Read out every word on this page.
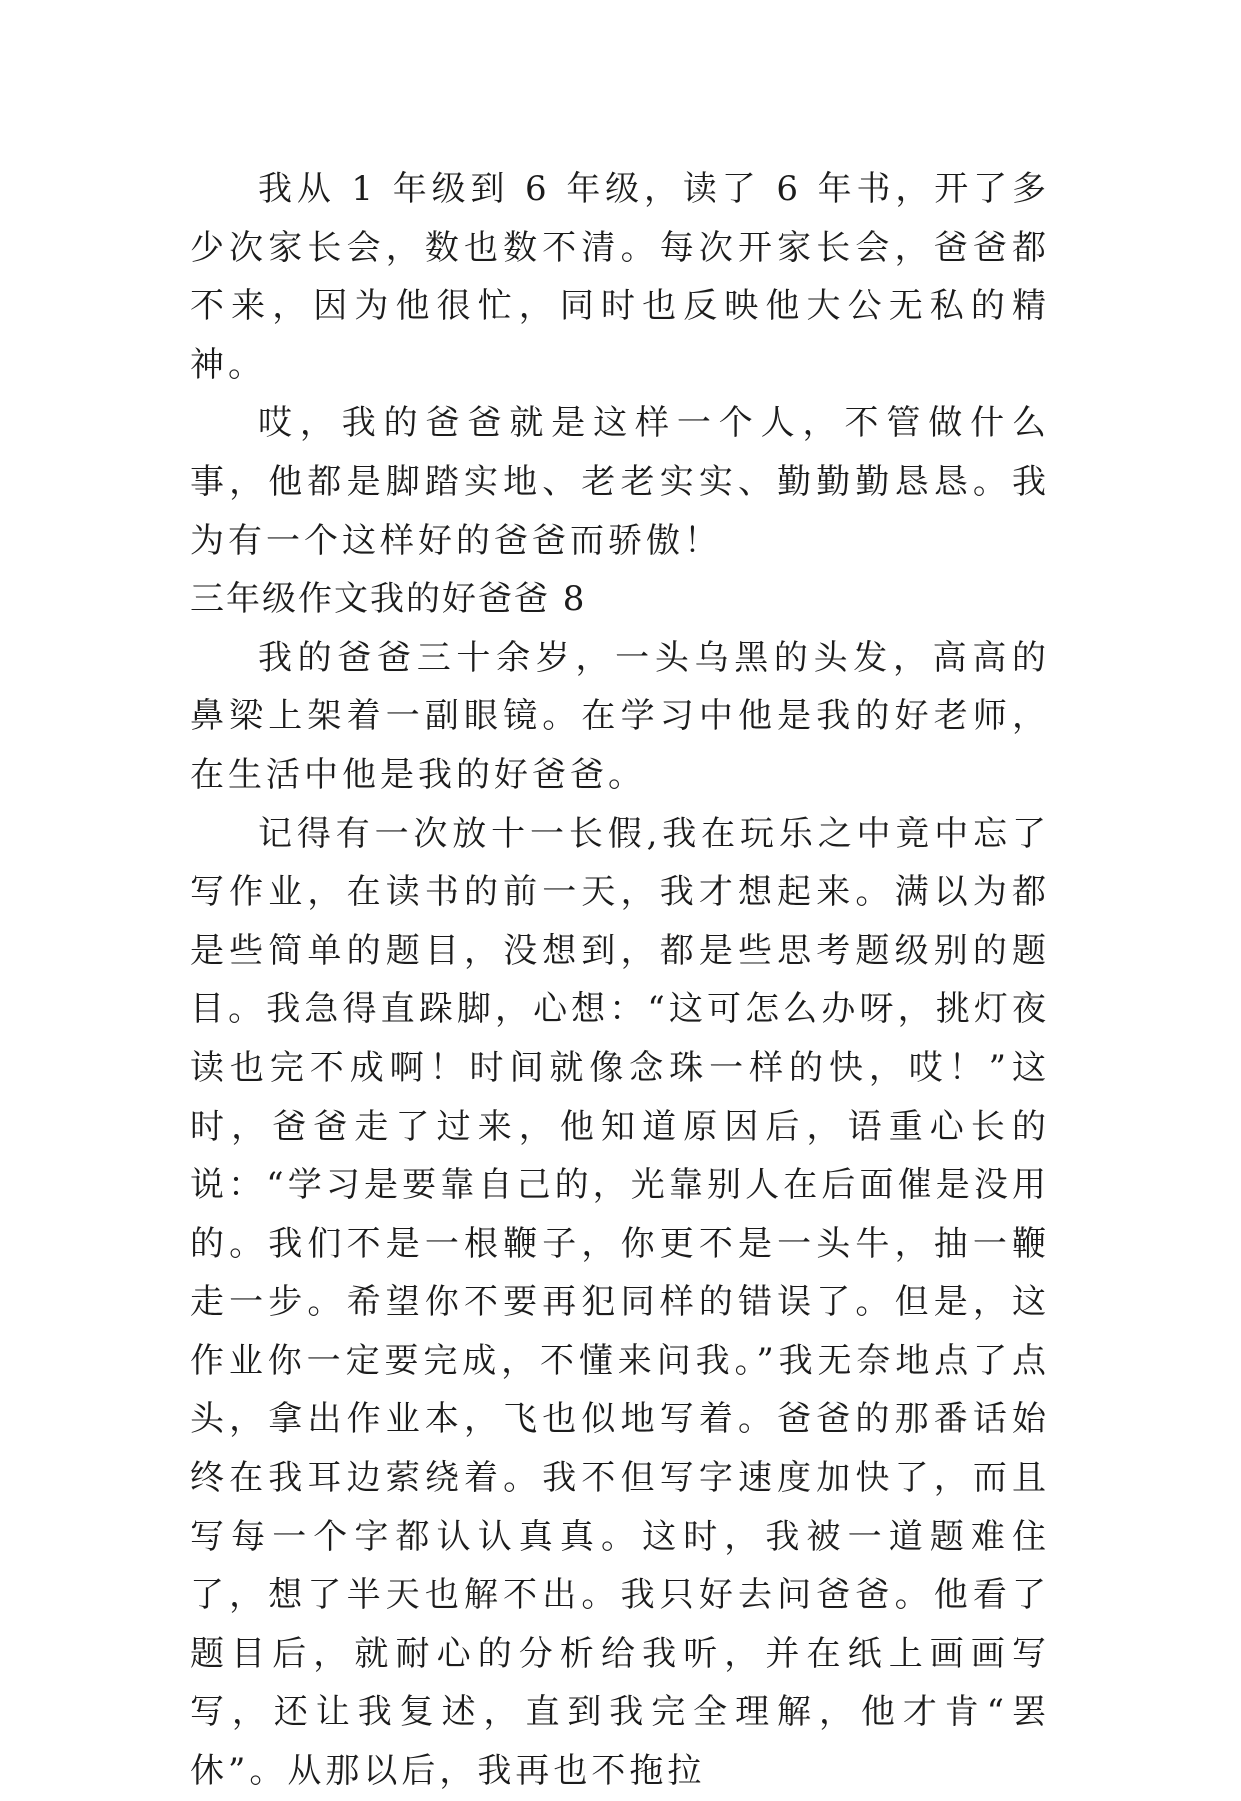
我从 1 年级到 6 年级，读了 6 年书，开了多少次家长会，数也数不清。每次开家长会，爸爸都不来，因为他很忙，同时也反映他大公无私的精神。

哎，我的爸爸就是这样一个人，不管做什么事，他都是脚踏实地、老老实实、勤勤勤恳恳。我为有一个这样好的爸爸而骄傲！

三年级作文我的好爸爸 8

我的爸爸三十余岁，一头乌黑的头发，高高的鼻梁上架着一副眼镜。在学习中他是我的好老师，在生活中他是我的好爸爸。

记得有一次放十一长假,我在玩乐之中竟中忘了写作业，在读书的前一天，我才想起来。满以为都是些简单的题目，没想到，都是些思考题级别的题目。我急得直跺脚，心想：“这可怎么办呀，挑灯夜读也完不成啊！时间就像念珠一样的快，哎！”这时，爸爸走了过来，他知道原因后，语重心长的说：“学习是要靠自己的，光靠别人在后面催是没用的。我们不是一根鞭子，你更不是一头牛，抽一鞭走一步。希望你不要再犯同样的错误了。但是，这作业你一定要完成，不懂来问我。”我无奈地点了点头，拿出作业本，飞也似地写着。爸爸的那番话始终在我耳边萦绕着。我不但写字速度加快了，而且写每一个字都认认真真。这时，我被一道题难住了，想了半天也解不出。我只好去问爸爸。他看了题目后，就耐心的分析给我听，并在纸上画画写写，还让我复述，直到我完全理解，他才肯“罢休”。从那以后，我再也不拖拉
